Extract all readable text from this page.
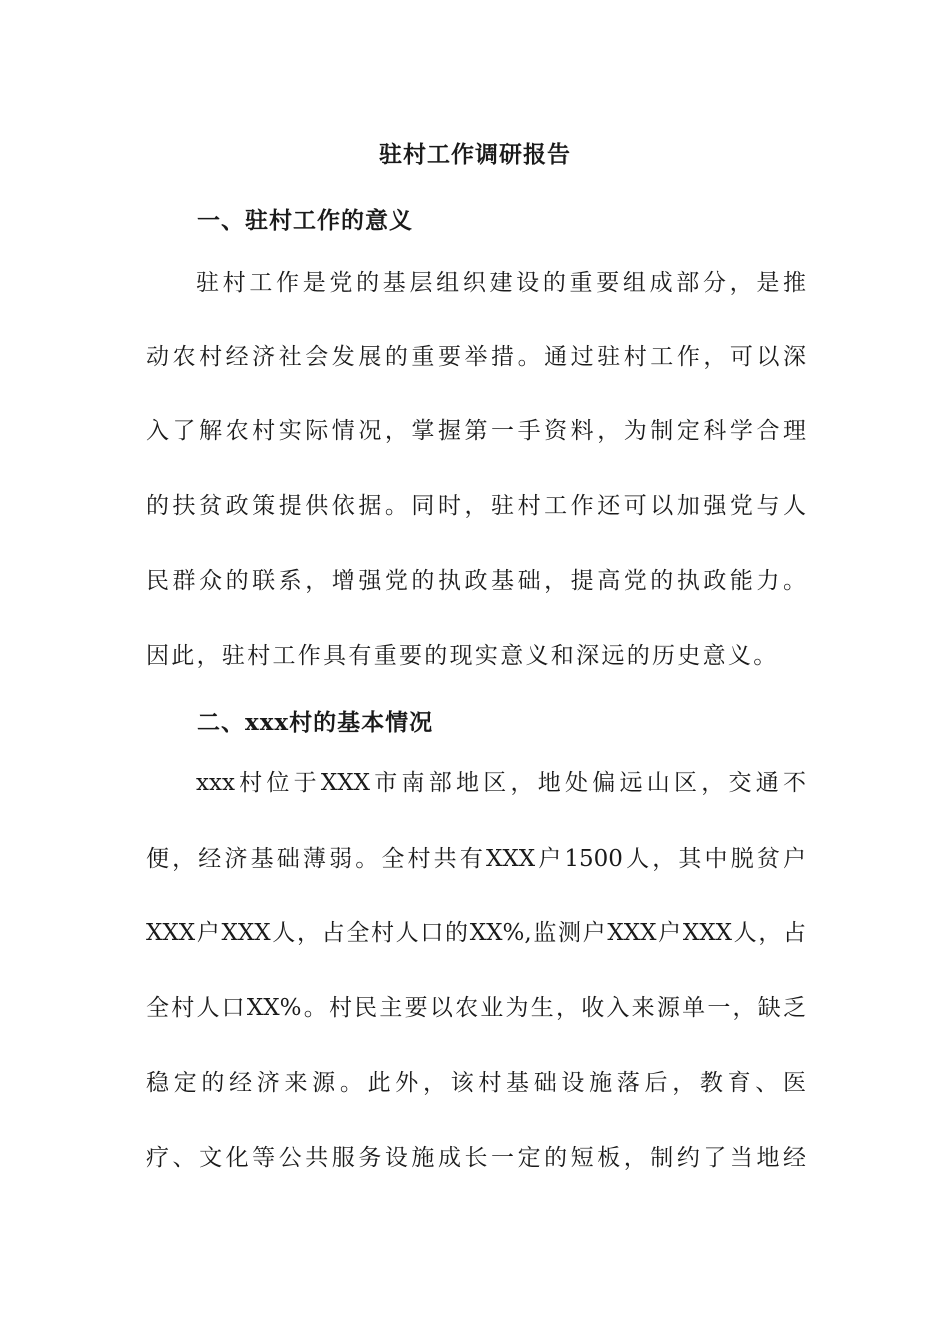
驻村工作调研报告
一、驻村工作的意义
驻村工作是党的基层组织建设的重要组成部分，是推
动农村经济社会发展的重要举措。通过驻村工作，可以深
入了解农村实际情况，掌握第一手资料，为制定科学合理
的扶贫政策提供依据。同时，驻村工作还可以加强党与人
民群众的联系，增强党的执政基础，提高党的执政能力。
因此，驻村工作具有重要的现实意义和深远的历史意义。
二、xxx村的基本情况
xxx村位于XXX市南部地区，地处偏远山区，交通不
便，经济基础薄弱。全村共有XXX户1500人，其中脱贫户
XXX户XXX人，占全村人口的XX%,监测户XXX户XXX人，占
全村人口XX%。村民主要以农业为生，收入来源单一，缺乏
稳定的经济来源。此外，该村基础设施落后，教育、医
疗、文化等公共服务设施成长一定的短板，制约了当地经
